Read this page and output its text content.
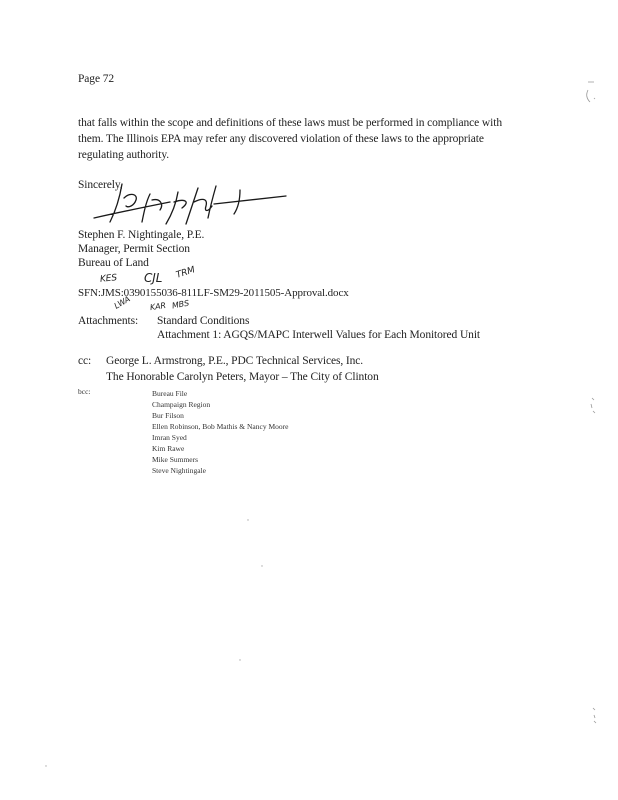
Page 72
that falls within the scope and definitions of these laws must be performed in compliance with
them. The Illinois EPA may refer any discovered violation of these laws to the appropriate
regulating authority.
Sincerely,
Stephen F. Nightingale, P.E.
Manager, Permit Section
Bureau of Land
KES CJL TRM
LWA KAR MBS
SFN:JMS:0390155036-811LF-SM29-2011505-Approval.docx
Attachments: Standard Conditions
Attachment 1: AGQS/MAPC Interwell Values for Each Monitored Unit
cc: George L. Armstrong, P.E., PDC Technical Services, Inc.
The Honorable Carolyn Peters, Mayor – The City of Clinton
bcc:	Bureau File
Champaign Region
Bur Filson
Ellen Robinson, Bob Mathis & Nancy Moore
Imran Syed
Kim Rawe
Mike Summers
Steve Nightingale
